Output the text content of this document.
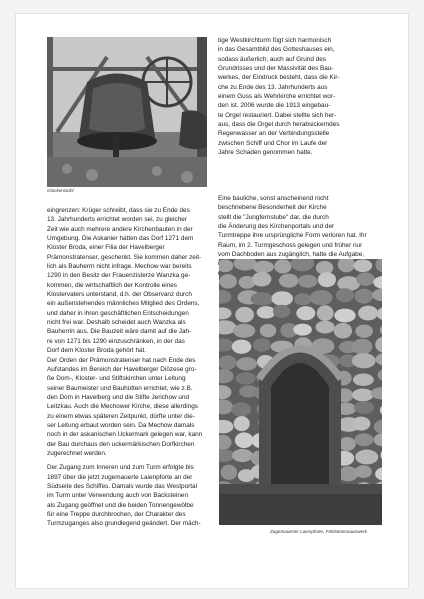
Glockenstuhl
tige Westkirchturm fügt sich harmonisch
in das Gesamtbild des Gotteshauses ein,
sodass äußerlich, auch auf Grund des
Grundrisses und der Massivität des Bau-
werkes, der Eindruck besteht, dass die Kir-
che zu Ende des 13. Jahrhunderts aus
einem Guss als Wehrkirche errichtet wor-
den ist. 2006 wurde die 1913 eingebau-
te Orgel restauriert. Dabei stellte sich her-
aus, dass die Orgel durch herabsickerndes
Regenwasser an der Verbindungsstelle
zwischen Schiff und Chor im Laufe der
Jahre Schaden genommen hatte.
Eine bauliche, sonst anscheinend nicht
beschriebene Besonderheit der Kirche
stellt die "Jungfernstube" dar, die durch
die Änderung des Kirchenportals und der
Turmtreppe ihre ursprüngliche Form verloren hat. Ihr
Raum, im 2. Turmgeschoss gelegen und früher nur
vom Dachboden aus zugänglich, hatte die Aufgabe,
eingrenzen: Krüger schreibt, dass sie zu Ende des
13. Jahrhunderts errichtet worden sei, zu gleicher
Zeit wie auch mehrere andere Kirchenbauten in der
Umgebung. Die Askanier hatten das Dorf 1271 dem
Kloster Broda, einer Filia der Havelberger
Prämonstratenser, geschenkt. Sie kommen daher zeit-
lich als Bauherrn nicht infrage. Mechow war bereits
1290 in den Besitz der Frauenzisterze Wanzka ge-
kommen, die wirtschaftlich der Kontrolle eines
Klostervaters unterstand, d.h. der Observanz durch
ein außenstehendes männliches Mitglied des Ordens,
und daher in ihren geschäftlichen Entscheidungen
nicht frei war. Deshalb scheidet auch Wanzka als
Bauherrin aus. Die Bauzeit wäre damit auf die Jah-
re von 1271 bis 1290 einzuschränken, in der das
Dorf dem Kloster Broda gehört hat.
Der Orden der Prämonstratenser hat nach Ende des
Aufstandes im Bereich der Havelberger Diözese gro-
ße Dom-, Kloster- und Stiftskirchen unter Leitung
seiner Baumeister und Bauhütten errichtet, wie z.B.
den Dom in Havelberg und die Stifte Jerichow und
Leitzkau. Auch die Mechower Kirche, diese allerdings
zu einem etwas späteren Zeitpunkt, dürfte unter die-
ser Leitung erbaut worden sein. Da Mechow damals
noch in der askanischen Uckermark gelegen war, kann
der Bau durchaus den uckermärkischen Dorfkirchen
zugerechnet werden.
Der Zugang zum Inneren und zum Turm erfolgte bis
1897 über die jetzt zugemauerte Laienpforte an der
Südseite des Schiffes. Damals wurde das Westportal
im Turm unter Verwendung auch von Backsteinen
als Zugang geöffnet und die beiden Tonnengewölbe
für eine Treppe durchbrochen, der Charakter des
Turmzuganges also grundlegend geändert. Der mäch-
Zugemauerter Laienpforte, Feldsteinmauerwerk
